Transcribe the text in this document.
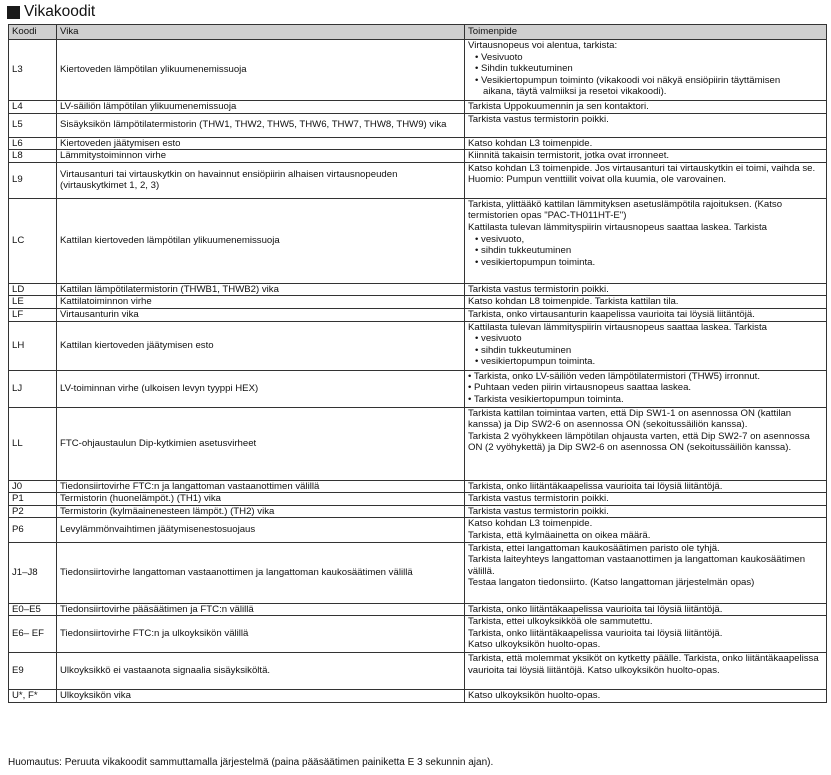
Vikakoodit
Koodi	Vika	Toimenpide
L3	Kiertoveden lämpötilan ylikuumenemissuoja	Virtausnopeus voi alentua, tarkista:
• Vesivuoto
• Sihdin tukkeutuminen
• Vesikiertopumpun toiminto (vikakoodi voi näkyä ensiöpiirin täyttämisen
aikana, täytä valmiiksi ja resetoi vikakoodi).

L4	LV-säiliön lämpötilan ylikuumenemissuoja	Tarkista Uppokuumennin ja sen kontaktori.

L5	Sisäyksikön lämpötilatermistorin (THW1, THW2, THW5, THW6, THW7, THW8, THW9) vika	Tarkista vastus termistorin poikki.

L6	Kiertoveden jäätymisen esto	Katso kohdan L3 toimenpide.

L8	Lämmitystoiminnon virhe	Kiinnitä takaisin termistorit, jotka ovat irronneet.

L9	Virtausanturi tai virtauskytkin on havainnut ensiöpiirin alhaisen virtausnopeuden (virtauskytkimet 1, 2, 3)	Katso kohdan L3 toimenpide. Jos virtausanturi tai virtauskytkin ei toimi, vaihda se.
Huomio: Pumpun venttiilit voivat olla kuumia, ole varovainen.

LC	Kattilan kiertoveden lämpötilan ylikuumenemissuoja	Tarkista, ylittääkö kattilan lämmityksen asetuslämpötila rajoituksen. (Katso termistorien opas "PAC-TH011HT-E")
Kattilasta tulevan lämmityspiirin virtausnopeus saattaa laskea. Tarkista
• vesivuoto,
• sihdin tukkeutuminen
• vesikiertopumpun toiminta.

LD	Kattilan lämpötilatermistorin (THWB1, THWB2) vika	Tarkista vastus termistorin poikki.

LE	Kattilatoiminnon virhe	Katso kohdan L8 toimenpide. Tarkista kattilan tila.

LF	Virtausanturin vika	Tarkista, onko virtausanturin kaapelissa vaurioita tai löysiä liitäntöjä.

LH	Kattilan kiertoveden jäätymisen esto	Kattilasta tulevan lämmityspiirin virtausnopeus saattaa laskea. Tarkista
• vesivuoto
• sihdin tukkeutuminen
• vesikiertopumpun toiminta.

LJ	LV-toiminnan virhe (ulkoisen levyn tyyppi HEX)	• Tarkista, onko LV-säiliön veden lämpötilatermistori (THW5) irronnut.
• Puhtaan veden piirin virtausnopeus saattaa laskea.
• Tarkista vesikiertopumpun toiminta.

LL	FTC-ohjaustaulun Dip-kytkimien asetusvirheet	Tarkista kattilan toimintaa varten, että Dip SW1-1 on asennossa ON (kattilan kanssa) ja Dip SW2-6 on asennossa ON (sekoitussäiliön kanssa).
Tarkista 2 vyöhykkeen lämpötilan ohjausta varten, että Dip SW2-7 on asennossa ON (2 vyöhykettä) ja Dip SW2-6 on asennossa ON (sekoitussäiliön kanssa).

J0	Tiedonsiirtovirhe FTC:n ja langattoman vastaanottimen välillä	Tarkista, onko liitäntäkaapelissa vaurioita tai löysiä liitäntöjä.

P1	Termistorin (huonelämpöt.) (TH1) vika	Tarkista vastus termistorin poikki.

P2	Termistorin (kylmäainenesteen lämpöt.) (TH2) vika	Tarkista vastus termistorin poikki.

P6	Levylämmönvaihtimen jäätymisenestosuojaus	Katso kohdan L3 toimenpide.
Tarkista, että kylmäainetta on oikea määrä.

J1–J8	Tiedonsiirtovirhe langattoman vastaanottimen ja langattoman kaukosäätimen välillä	Tarkista, ettei langattoman kaukosäätimen paristo ole tyhjä.
Tarkista laiteyhteys langattoman vastaanottimen ja langattoman kaukosäätimen välillä.
Testaa langaton tiedonsiirto. (Katso langattoman järjestelmän opas)

E0–E5	Tiedonsiirtovirhe pääsäätimen ja FTC:n välillä	Tarkista, onko liitäntäkaapelissa vaurioita tai löysiä liitäntöjä.

E6– EF	Tiedonsiirtovirhe FTC:n ja ulkoyksikön välillä	Tarkista, ettei ulkoyksikköä ole sammutettu.
Tarkista, onko liitäntäkaapelissa vaurioita tai löysiä liitäntöjä.
Katso ulkoyksikön huolto-opas.

E9	Ulkoyksikkö ei vastaanota signaalia sisäyksiköltä.	Tarkista, että molemmat yksiköt on kytketty päälle. Tarkista, onko liitäntäkaapelissa vaurioita tai löysiä liitäntöjä. Katso ulkoyksikön huolto-opas.

U*, F*	Ulkoyksikön vika	Katso ulkoyksikön huolto-opas.
Huomautus: Peruuta vikakoodit sammuttamalla järjestelmä (paina pääsäätimen painiketta E 3 sekunnin ajan).
